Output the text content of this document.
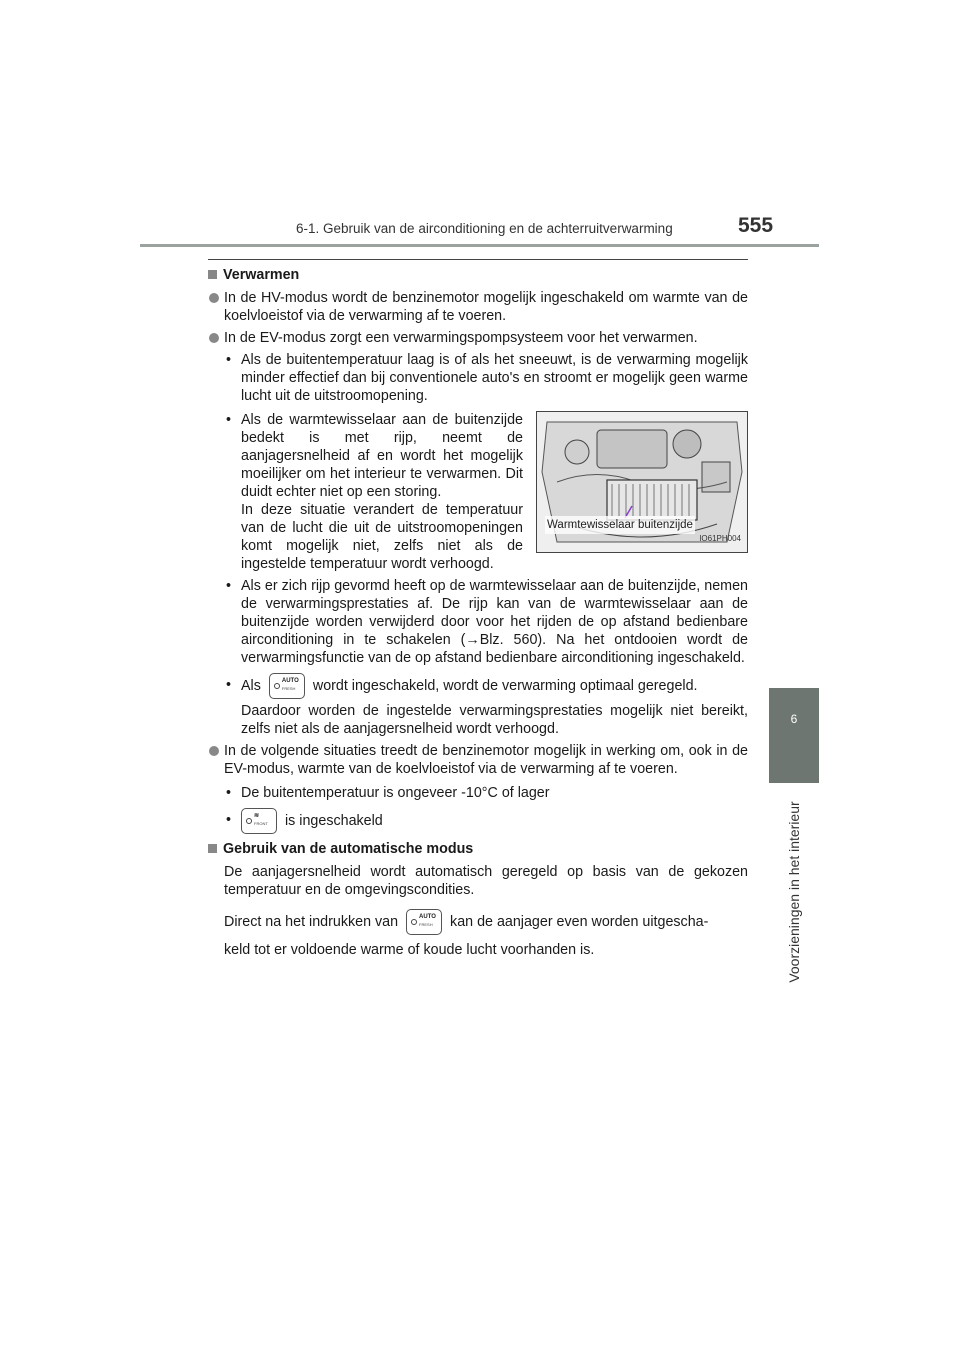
6-1. Gebruik van de airconditioning en de achterruitverwarming	555
6
Voorzieningen in het interieur
Verwarmen
In de HV-modus wordt de benzinemotor mogelijk ingeschakeld om warmte van de koelvloeistof via de verwarming af te voeren.
In de EV-modus zorgt een verwarmingspompsysteem voor het verwarmen.
• Als de buitentemperatuur laag is of als het sneeuwt, is de verwarming mogelijk minder effectief dan bij conventionele auto's en stroomt er mogelijk geen warme lucht uit de uitstroomopening.
• Als de warmtewisselaar aan de buitenzijde bedekt is met rijp, neemt de aanjagersnelheid af en wordt het mogelijk moeilijker om het interieur te verwarmen. Dit duidt echter niet op een storing.
In deze situatie verandert de temperatuur van de lucht die uit de uitstroomopeningen komt mogelijk niet, zelfs niet als de ingestelde temperatuur wordt verhoogd.
Warmtewisselaar buitenzijde
IO61PH004
• Als er zich rijp gevormd heeft op de warmtewisselaar aan de buitenzijde, nemen de verwarmingsprestaties af. De rijp kan van de warmtewisselaar aan de buitenzijde worden verwijderd door voor het rijden de op afstand bedienbare airconditioning in te schakelen (→Blz. 560). Na het ontdooien wordt de verwarmingsfunctie van de op afstand bedienbare airconditioning ingeschakeld.
• Als	AUTO
FRESH wordt ingeschakeld, wordt de verwarming optimaal geregeld.
Daardoor worden de ingestelde verwarmingsprestaties mogelijk niet bereikt, zelfs niet als de aanjagersnelheid wordt verhoogd.
In de volgende situaties treedt de benzinemotor mogelijk in werking om, ook in de EV-modus, warmte van de koelvloeistof via de verwarming af te voeren.
• De buitentemperatuur is ongeveer -10°C of lager
•	≋
FRONT is ingeschakeld
Gebruik van de automatische modus
De aanjagersnelheid wordt automatisch geregeld op basis van de gekozen temperatuur en de omgevingscondities.
Direct na het indrukken van	AUTO
FRESH kan de aanjager even worden uitgescha-
keld tot er voldoende warme of koude lucht voorhanden is.
